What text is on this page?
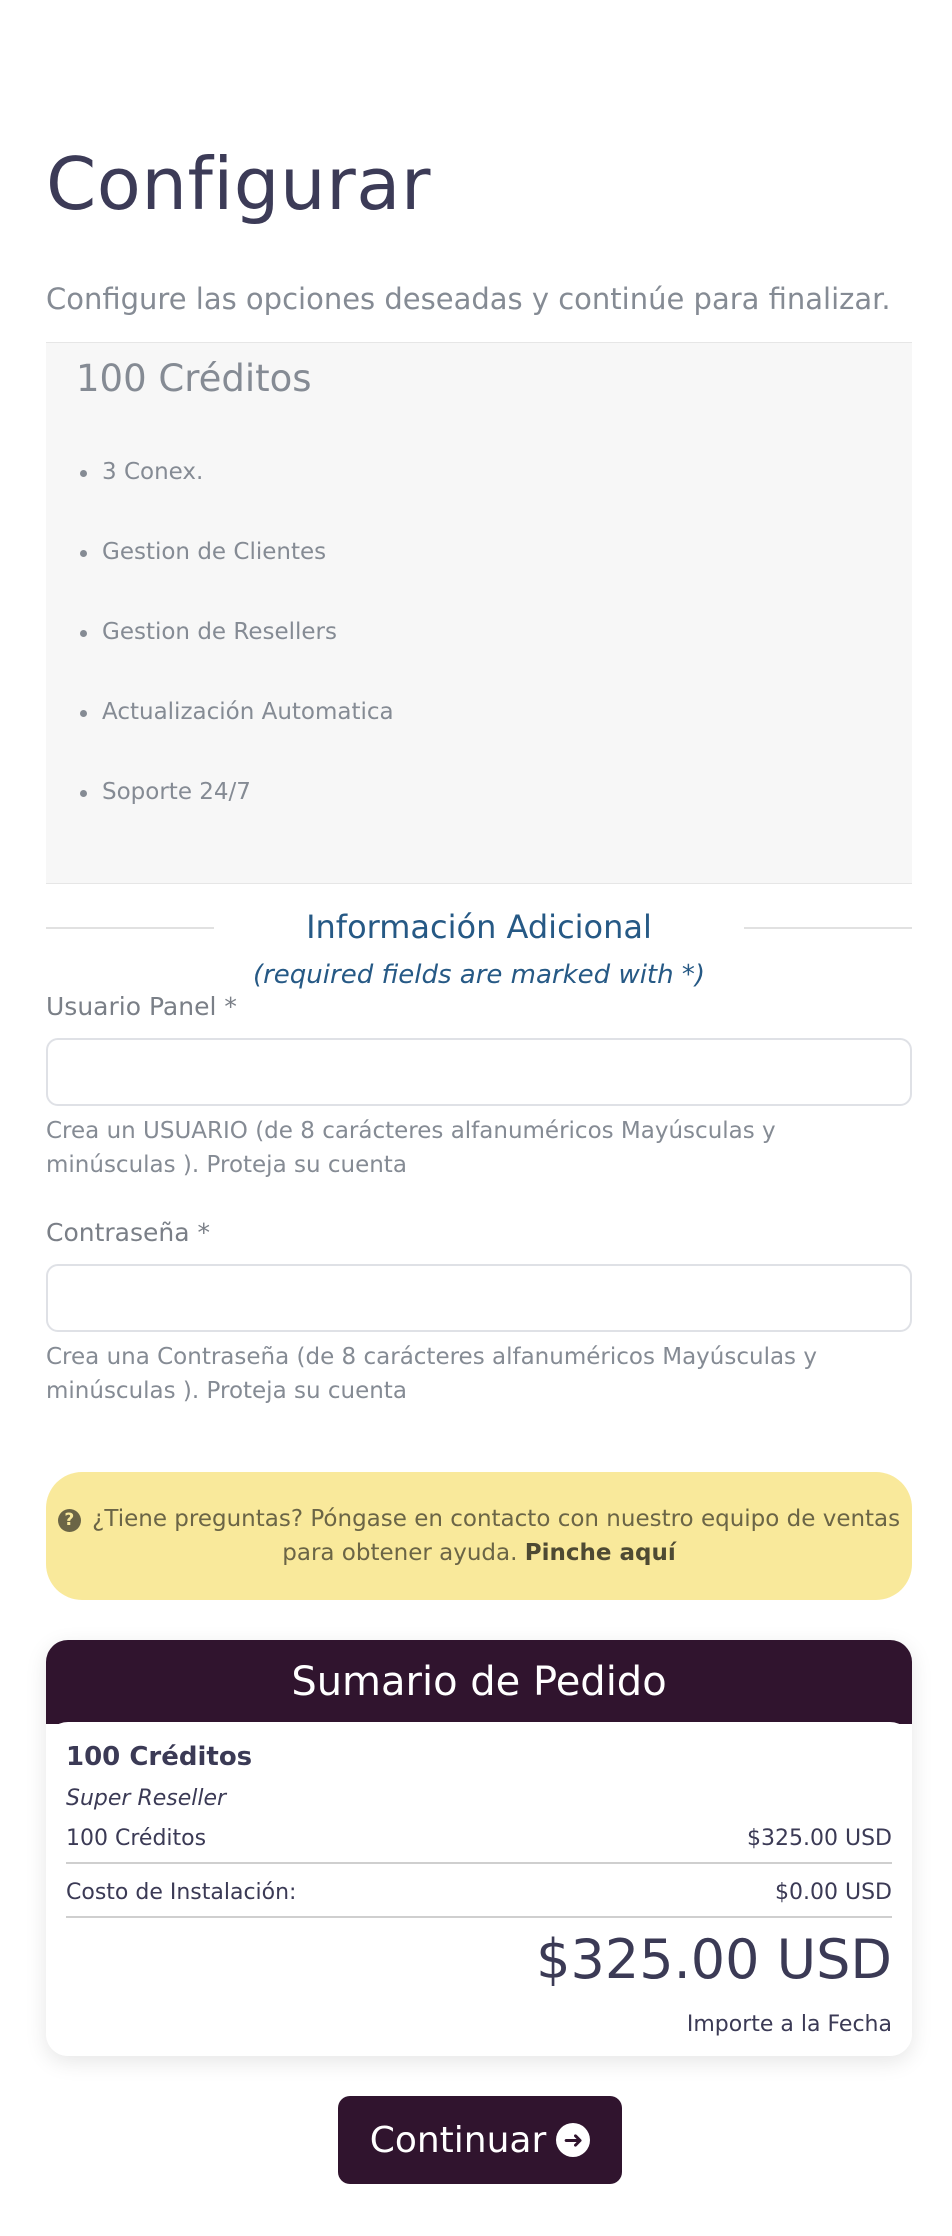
Configurar

Configure las opciones deseadas y continúe para finalizar.

100 Créditos
3 Conex.
Gestion de Clientes
Gestion de Resellers
Actualización Automatica
Soporte 24/7
Información Adicional
(required fields are marked with *)
Usuario Panel *
Crea un USUARIO (de 8 carácteres alfanuméricos Mayúsculas y minúsculas ). Proteja su cuenta
Contraseña *
Crea una Contraseña (de 8 carácteres alfanuméricos Mayúsculas y minúsculas ). Proteja su cuenta
? ¿Tiene preguntas? Póngase en contacto con nuestro equipo de ventas para obtener ayuda. Pinche aquí
Sumario de Pedido
100 Créditos
Super Reseller
100 Créditos	$325.00 USD
Costo de Instalación:	$0.00 USD
$325.00 USD
Importe a la Fecha
Continuar ➜
